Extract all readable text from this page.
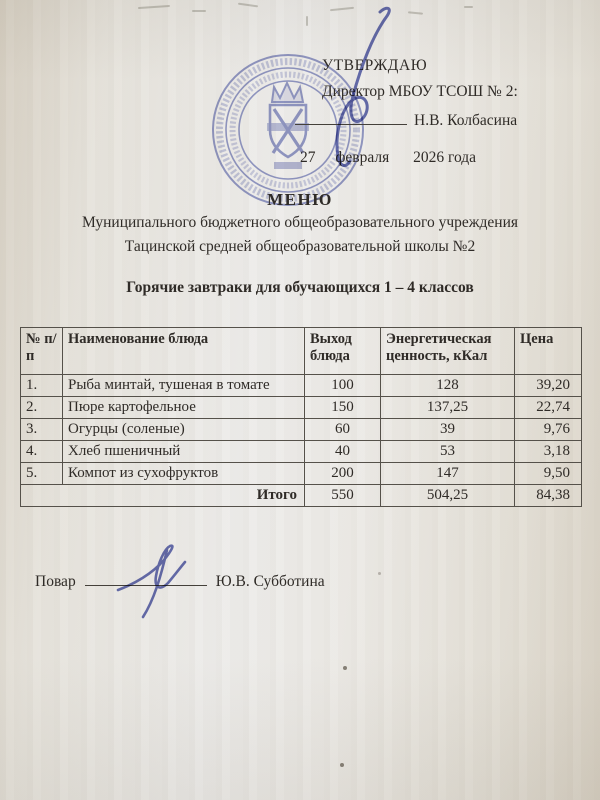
УТВЕРЖДАЮ
Директор МБОУ ТСОШ № 2:
Н.В. Колбасина
27 февраля 2026 года
МЕНЮ
Муниципального бюджетного общеобразовательного учреждения
Тацинской средней общеобразовательной школы №2
Горячие завтраки для обучающихся 1 – 4 классов
№ п/п	Наименование блюда	Выход блюда	Энергетическая ценность, кКал	Цена
1.	Рыба минтай, тушеная в томате	100	128	39,20
2.	Пюре картофельное	150	137,25	22,74
3.	Огурцы (соленые)	60	39	9,76
4.	Хлеб пшеничный	40	53	3,18
5.	Компот из сухофруктов	200	147	9,50
Итого		550	504,25	84,38
Повар	Ю.В. Субботина
